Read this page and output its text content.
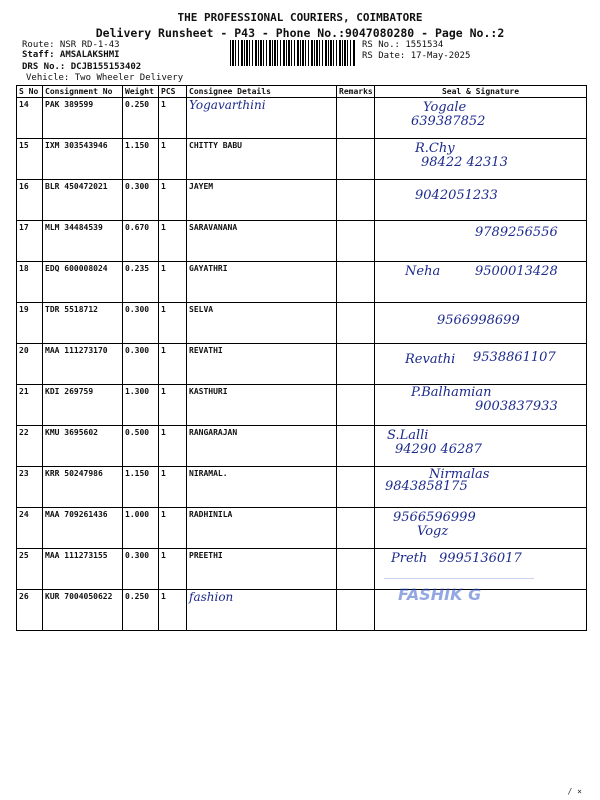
THE PROFESSIONAL COURIERS, COIMBATORE
Delivery Runsheet - P43 - Phone No.:9047080280 - Page No.:2
Route: NSR RD-1-43
Staff: AMSALAKSHMI
DRS No.: DCJB155153402
Vehicle: Two Wheeler Delivery
RS No.: 1551534
RS Date: 17-May-2025
S No	Consignment No	Weight	PCS	Consignee Details	Remarks	Seal & Signature
14	PAK 389599	0.250	1	Yogavarthini		Yogale
639387852

15	IXM 303543946	1.150	1	CHITTY BABU		R.Chy
98422 42313

16	BLR 450472021	0.300	1	JAYEM		9042051233

17	MLM 34484539	0.670	1	SARAVANANA		9789256556

18	EDQ 600008024	0.235	1	GAYATHRI		Neha 9500013428

19	TDR 5518712	0.300	1	SELVA		9566998699

20	MAA 111273170	0.300	1	REVATHI		Revathi 9538861107

21	KDI 269759	1.300	1	KASTHURI		P.Balhamian
9003837933

22	KMU 3695602	0.500	1	RANGARAJAN		S.Lalli
94290 46287

23	KRR 50247986	1.150	1	NIRAMAL.		Nirmalas
9843858175

24	MAA 709261436	1.000	1	RADHINILA		9566596999
Vogz

25	MAA 111273155	0.300	1	PREETHI		Preth 9995136017

26	KUR 7004050622	0.250	1	fashion		
			FASHIK G
/ ×
